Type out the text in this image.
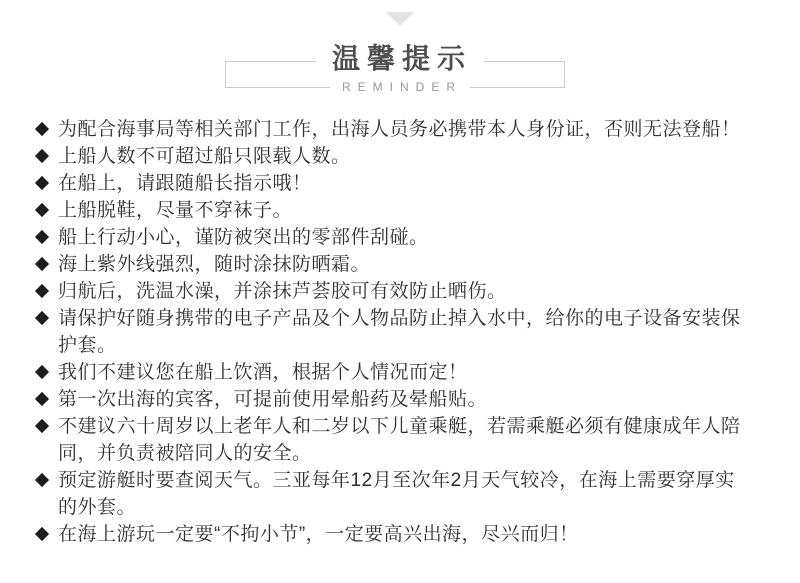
温馨提示
REMINDER
为配合海事局等相关部门工作，出海人员务必携带本人身份证，否则无法登船！
上船人数不可超过船只限载人数。
在船上，请跟随船长指示哦！
上船脱鞋，尽量不穿袜子。
船上行动小心，谨防被突出的零部件刮碰。
海上紫外线强烈，随时涂抹防晒霜。
归航后，洗温水澡，并涂抹芦荟胶可有效防止晒伤。
请保护好随身携带的电子产品及个人物品防止掉入水中，给你的电子设备安装保
护套。
我们不建议您在船上饮酒，根据个人情况而定！
第一次出海的宾客，可提前使用晕船药及晕船贴。
不建议六十周岁以上老年人和二岁以下儿童乘艇，若需乘艇必须有健康成年人陪
同，并负责被陪同人的安全。
预定游艇时要查阅天气。三亚每年12月至次年2月天气较冷，在海上需要穿厚实
的外套。
在海上游玩一定要“不拘小节”，一定要高兴出海，尽兴而归！
